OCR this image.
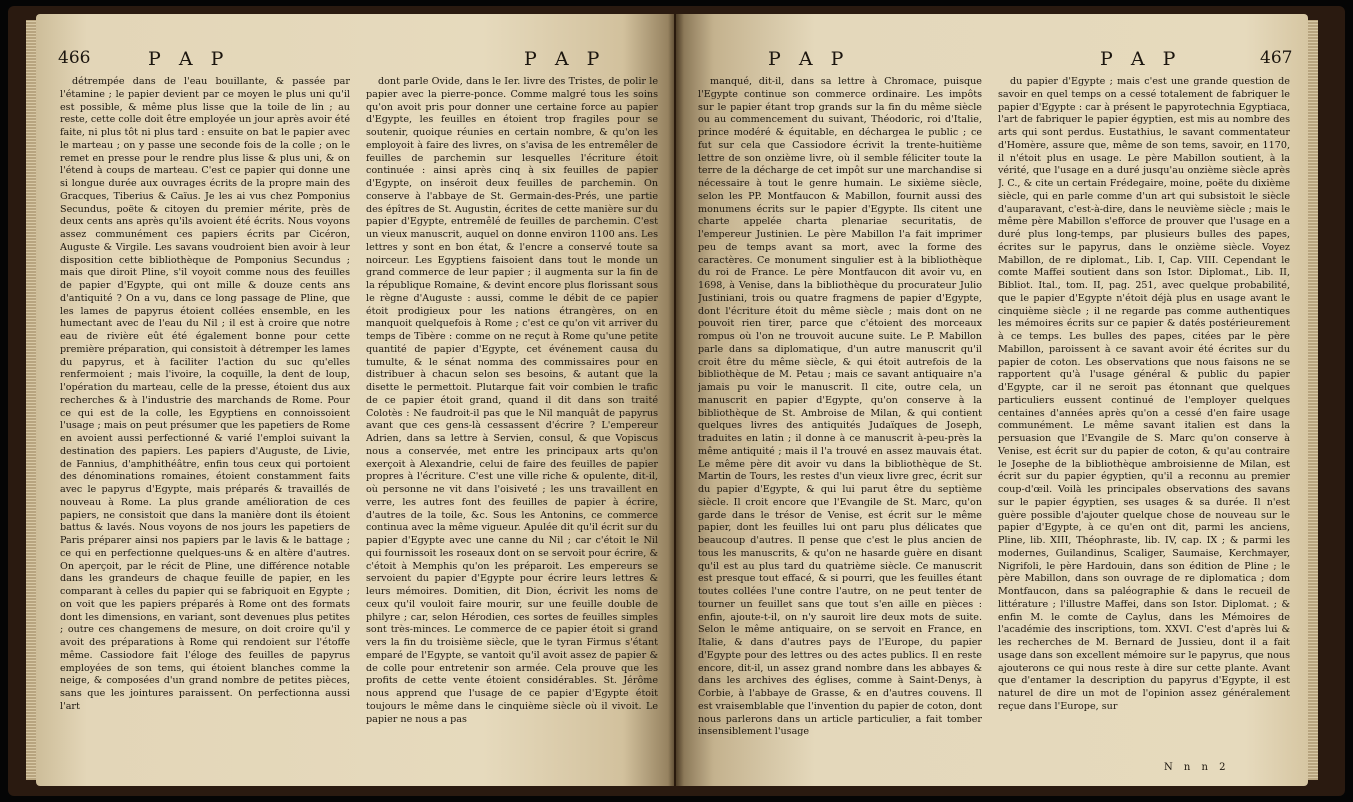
466	P A P	P A P

détrempée dans de l'eau bouillante, & passée par l'étamine ; le papier devient par ce moyen le plus uni qu'il est possible, & même plus lisse que la toile de lin ; au reste, cette colle doit être employée un jour après avoir été faite, ni plus tôt ni plus tard : ensuite on bat le papier avec le marteau ; on y passe une seconde fois de la colle ; on le remet en presse pour le rendre plus lisse & plus uni, & on l'étend à coups de marteau. C'est ce papier qui donne une si longue durée aux ouvrages écrits de la propre main des Gracques, Tiberius & Caïus. Je les ai vus chez Pomponius Secundus, poëte & citoyen du premier mérite, près de deux cents ans après qu'ils avoient été écrits. Nous voyons assez communément ces papiers écrits par Cicéron, Auguste & Virgile. Les savans voudroient bien avoir à leur disposition cette bibliothèque de Pomponius Secundus ; mais que diroit Pline, s'il voyoit comme nous des feuilles de papier d'Egypte, qui ont mille & douze cents ans d'antiquité ? On a vu, dans ce long passage de Pline, que les lames de papyrus étoient collées ensemble, en les humectant avec de l'eau du Nil ; il est à croire que notre eau de rivière eût été également bonne pour cette première préparation, qui consistoit à détremper les lames du papyrus, et à faciliter l'action du suc qu'elles renfermoient ; mais l'ivoire, la coquille, la dent de loup, l'opération du marteau, celle de la presse, étoient dus aux recherches & à l'industrie des marchands de Rome. Pour ce qui est de la colle, les Egyptiens en connoissoient l'usage ; mais on peut présumer que les papetiers de Rome en avoient aussi perfectionné & varié l'emploi suivant la destination des papiers. Les papiers d'Auguste, de Livie, de Fannius, d'amphithéâtre, enfin tous ceux qui portoient des dénominations romaines, étoient constamment faits avec le papyrus d'Egypte, mais préparés & travaillés de nouveau à Rome. La plus grande amélioration de ces papiers, ne consistoit que dans la manière dont ils étoient battus & lavés. Nous voyons de nos jours les papetiers de Paris préparer ainsi nos papiers par le lavis & le battage ; ce qui en perfectionne quelques-uns & en altère d'autres. On aperçoit, par le récit de Pline, une différence notable dans les grandeurs de chaque feuille de papier, en les comparant à celles du papier qui se fabriquoit en Egypte ; on voit que les papiers préparés à Rome ont des formats dont les dimensions, en variant, sont devenues plus petites ; outre ces changemens de mesure, on doit croire qu'il y avoit des préparations à Rome qui rendoient sur l'étoffe même. Cassiodore fait l'éloge des feuilles de papyrus employées de son tems, qui étoient blanches comme la neige, & composées d'un grand nombre de petites pièces, sans que les jointures paraissent. On perfectionna aussi l'art

dont parle Ovide, dans le Ier. livre des Tristes, de polir le papier avec la pierre-ponce. Comme malgré tous les soins qu'on avoit pris pour donner une certaine force au papier d'Egypte, les feuilles en étoient trop fragiles pour se soutenir, quoique réunies en certain nombre, & qu'on les employoit à faire des livres, on s'avisa de les entremêler de feuilles de parchemin sur lesquelles l'écriture étoit continuée : ainsi après cinq à six feuilles de papier d'Egypte, on inséroit deux feuilles de parchemin. On conserve à l'abbaye de St. Germain-des-Prés, une partie des épîtres de St. Augustin, écrites de cette manière sur du papier d'Egypte, entremêlé de feuilles de parchemin. C'est un vieux manuscrit, auquel on donne environ 1100 ans. Les lettres y sont en bon état, & l'encre a conservé toute sa noirceur. Les Egyptiens faisoient dans tout le monde un grand commerce de leur papier ; il augmenta sur la fin de la république Romaine, & devint encore plus florissant sous le règne d'Auguste : aussi, comme le débit de ce papier étoit prodigieux pour les nations étrangères, on en manquoit quelquefois à Rome ; c'est ce qu'on vit arriver du temps de Tibère : comme on ne reçut à Rome qu'une petite quantité de papier d'Egypte, cet événement causa du tumulte, & le sénat nomma des commissaires pour en distribuer à chacun selon ses besoins, & autant que la disette le permettoit. Plutarque fait voir combien le trafic de ce papier étoit grand, quand il dit dans son traité Colotès : Ne faudroit-il pas que le Nil manquât de papyrus avant que ces gens-là cessassent d'écrire ? L'empereur Adrien, dans sa lettre à Servien, consul, & que Vopiscus nous a conservée, met entre les principaux arts qu'on exerçoit à Alexandrie, celui de faire des feuilles de papier propres à l'écriture. C'est une ville riche & opulente, dit-il, où personne ne vit dans l'oisiveté ; les uns travaillent en verre, les autres font des feuilles de papier à écrire, d'autres de la toile, &c. Sous les Antonins, ce commerce continua avec la même vigueur. Apulée dit qu'il écrit sur du papier d'Egypte avec une canne du Nil ; car c'étoit le Nil qui fournissoit les roseaux dont on se servoit pour écrire, & c'étoit à Memphis qu'on les préparoit. Les empereurs se servoient du papier d'Egypte pour écrire leurs lettres & leurs mémoires. Domitien, dit Dion, écrivit les noms de ceux qu'il vouloit faire mourir, sur une feuille double de philyre ; car, selon Hérodien, ces sortes de feuilles simples sont très-minces. Le commerce de ce papier étoit si grand vers la fin du troisième siècle, que le tyran Firmus s'étant emparé de l'Egypte, se vantoit qu'il avoit assez de papier & de colle pour entretenir son armée. Cela prouve que les profits de cette vente étoient considérables. St. Jérôme nous apprend que l'usage de ce papier d'Egypte étoit toujours le même dans le cinquième siècle où il vivoit. Le papier ne nous a pas

P A P	P A P	467

manqué, dit-il, dans sa lettre à Chromace, puisque l'Egypte continue son commerce ordinaire. Les impôts sur le papier étant trop grands sur la fin du même siècle ou au commencement du suivant, Théodoric, roi d'Italie, prince modéré & équitable, en déchargea le public ; ce fut sur cela que Cassiodore écrivit la trente-huitième lettre de son onzième livre, où il semble féliciter toute la terre de la décharge de cet impôt sur une marchandise si nécessaire à tout le genre humain. Le sixième siècle, selon les PP. Montfaucon & Mabillon, fournit aussi des monumens écrits sur le papier d'Egypte. Ils citent une charte appelée charta plenariae securitatis, de l'empereur Justinien. Le père Mabillon l'a fait imprimer peu de temps avant sa mort, avec la forme des caractères. Ce monument singulier est à la bibliothèque du roi de France. Le père Montfaucon dit avoir vu, en 1698, à Venise, dans la bibliothèque du procurateur Julio Justiniani, trois ou quatre fragmens de papier d'Egypte, dont l'écriture étoit du même siècle ; mais dont on ne pouvoit rien tirer, parce que c'étoient des morceaux rompus où l'on ne trouvoit aucune suite. Le P. Mabillon parle dans sa diplomatique, d'un autre manuscrit qu'il croit être du même siècle, & qui étoit autrefois de la bibliothèque de M. Petau ; mais ce savant antiquaire n'a jamais pu voir le manuscrit. Il cite, outre cela, un manuscrit en papier d'Egypte, qu'on conserve à la bibliothèque de St. Ambroise de Milan, & qui contient quelques livres des antiquités Judaïques de Joseph, traduites en latin ; il donne à ce manuscrit à-peu-près la même antiquité ; mais il l'a trouvé en assez mauvais état. Le même père dit avoir vu dans la bibliothèque de St. Martin de Tours, les restes d'un vieux livre grec, écrit sur du papier d'Egypte, & qui lui parut être du septième siècle. Il croit encore que l'Evangile de St. Marc, qu'on garde dans le trésor de Venise, est écrit sur le même papier, dont les feuilles lui ont paru plus délicates que beaucoup d'autres. Il pense que c'est le plus ancien de tous les manuscrits, & qu'on ne hasarde guère en disant qu'il est au plus tard du quatrième siècle. Ce manuscrit est presque tout effacé, & si pourri, que les feuilles étant toutes collées l'une contre l'autre, on ne peut tenter de tourner un feuillet sans que tout s'en aille en pièces : enfin, ajoute-t-il, on n'y sauroit lire deux mots de suite. Selon le même antiquaire, on se servoit en France, en Italie, & dans d'autres pays de l'Europe, du papier d'Egypte pour des lettres ou des actes publics. Il en reste encore, dit-il, un assez grand nombre dans les abbayes & dans les archives des églises, comme à Saint-Denys, à Corbie, à l'abbaye de Grasse, & en d'autres couvens. Il est vraisemblable que l'invention du papier de coton, dont nous parlerons dans un article particulier, a fait tomber insensiblement l'usage

du papier d'Egypte ; mais c'est une grande question de savoir en quel temps on a cessé totalement de fabriquer le papier d'Egypte : car à présent le papyrotechnia Egyptiaca, l'art de fabriquer le papier égyptien, est mis au nombre des arts qui sont perdus. Eustathius, le savant commentateur d'Homère, assure que, même de son tems, savoir, en 1170, il n'étoit plus en usage. Le père Mabillon soutient, à la vérité, que l'usage en a duré jusqu'au onzième siècle après J. C., & cite un certain Frédegaire, moine, poëte du dixième siècle, qui en parle comme d'un art qui subsistoit le siècle d'auparavant, c'est-à-dire, dans le neuvième siècle ; mais le même père Mabillon s'efforce de prouver que l'usage en a duré plus long-temps, par plusieurs bulles des papes, écrites sur le papyrus, dans le onzième siècle. Voyez Mabillon, de re diplomat., Lib. I, Cap. VIII. Cependant le comte Maffei soutient dans son Istor. Diplomat., Lib. II, Bibliot. Ital., tom. II, pag. 251, avec quelque probabilité, que le papier d'Egypte n'étoit déjà plus en usage avant le cinquième siècle ; il ne regarde pas comme authentiques les mémoires écrits sur ce papier & datés postérieurement à ce temps. Les bulles des papes, citées par le père Mabillon, paroissent à ce savant avoir été écrites sur du papier de coton. Les observations que nous faisons ne se rapportent qu'à l'usage général & public du papier d'Egypte, car il ne seroit pas étonnant que quelques particuliers eussent continué de l'employer quelques centaines d'années après qu'on a cessé d'en faire usage communément. Le même savant italien est dans la persuasion que l'Evangile de S. Marc qu'on conserve à Venise, est écrit sur du papier de coton, & qu'au contraire le Josephe de la bibliothèque ambroisienne de Milan, est écrit sur du papier égyptien, qu'il a reconnu au premier coup-d'œil. Voilà les principales observations des savans sur le papier égyptien, ses usages & sa durée. Il n'est guère possible d'ajouter quelque chose de nouveau sur le papier d'Egypte, à ce qu'en ont dit, parmi les anciens, Pline, lib. XIII, Théophraste, lib. IV, cap. IX ; & parmi les modernes, Guilandinus, Scaliger, Saumaise, Kerchmayer, Nigrifoli, le père Hardouin, dans son édition de Pline ; le père Mabillon, dans son ouvrage de re diplomatica ; dom Montfaucon, dans sa paléographie & dans le recueil de littérature ; l'illustre Maffei, dans son Istor. Diplomat. ; & enfin M. le comte de Caylus, dans les Mémoires de l'académie des inscriptions, tom. XXVI. C'est d'après lui & les recherches de M. Bernard de Jussieu, dont il a fait usage dans son excellent mémoire sur le papyrus, que nous ajouterons ce qui nous reste à dire sur cette plante. Avant que d'entamer la description du papyrus d'Egypte, il est naturel de dire un mot de l'opinion assez généralement reçue dans l'Europe, sur

N n n 2
